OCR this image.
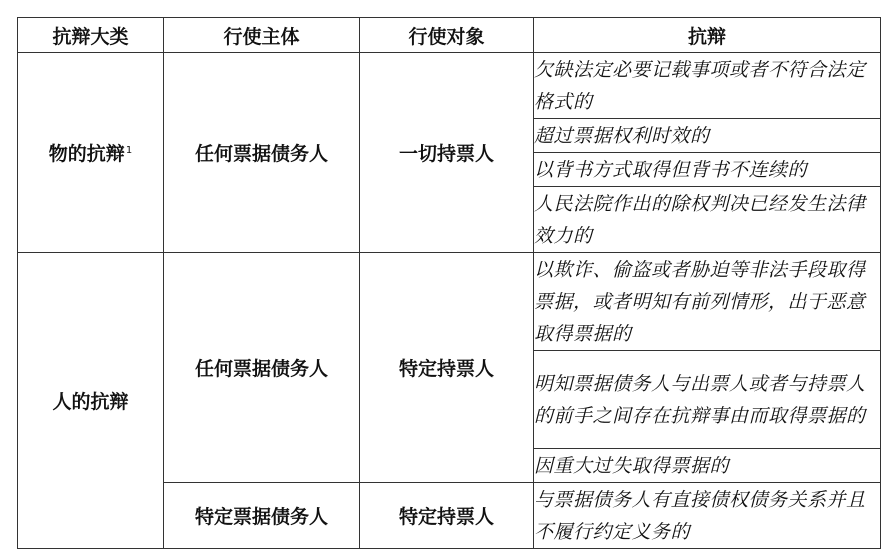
抗辩大类	行使主体	行使对象	抗辩
物的抗辩$^1$	任何票据债务人	一切持票人	欠缺法定必要记载事项或者不符合法定格式的
			超过票据权利时效的
			以背书方式取得但背书不连续的
			人民法院作出的除权判决已经发生法律效力的
人的抗辩	任何票据债务人	特定持票人	以欺诈、偷盗或者胁迫等非法手段取得票据，或者明知有前列情形，出于恶意取得票据的
			明知票据债务人与出票人或者与持票人的前手之间存在抗辩事由而取得票据的
			因重大过失取得票据的
	特定票据债务人	特定持票人	与票据债务人有直接债权债务关系并且不履行约定义务的
